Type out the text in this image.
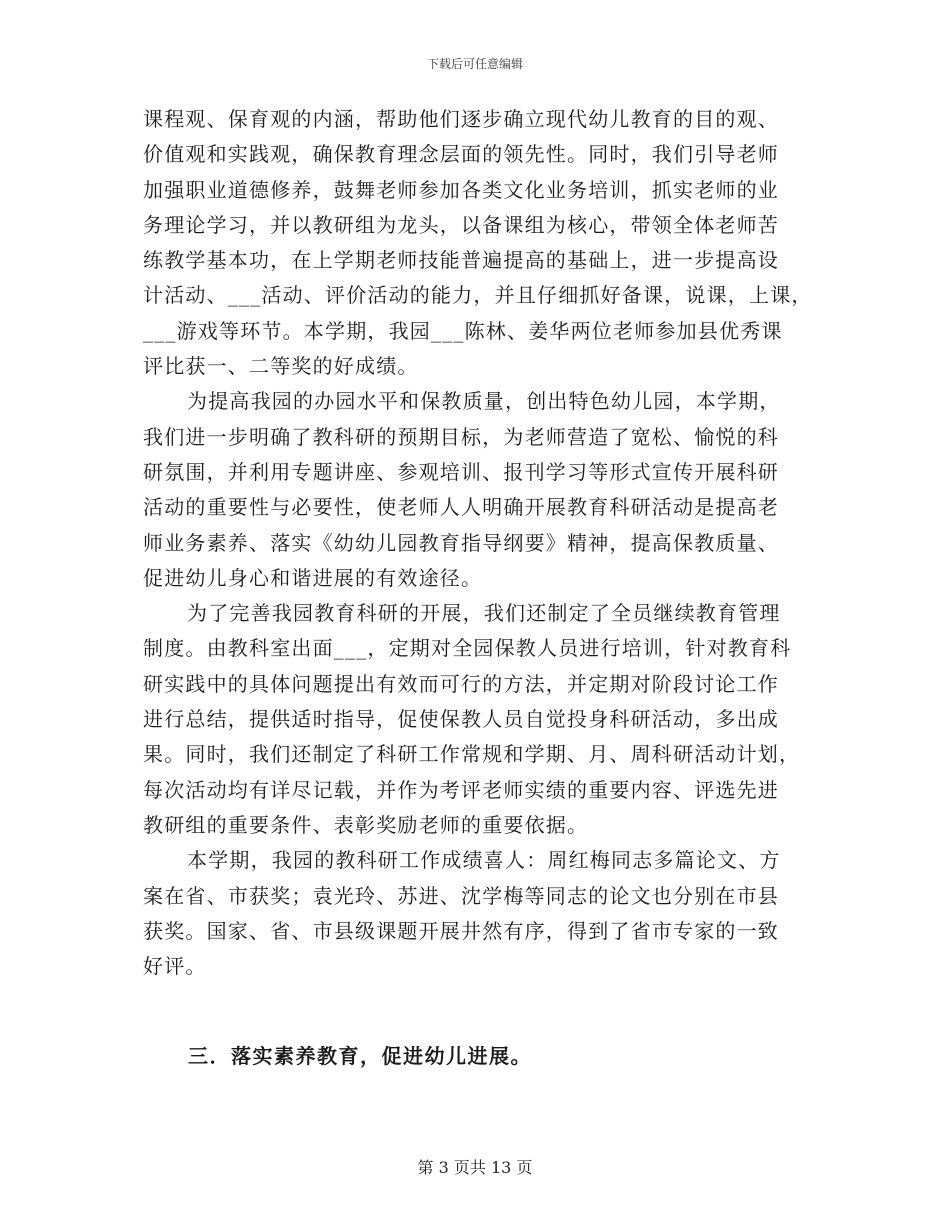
下载后可任意编辑
课程观、保育观的内涵，帮助他们逐步确立现代幼儿教育的目的观、
价值观和实践观，确保教育理念层面的领先性。同时，我们引导老师
加强职业道德修养，鼓舞老师参加各类文化业务培训，抓实老师的业
务理论学习，并以教研组为龙头，以备课组为核心，带领全体老师苦
练教学基本功，在上学期老师技能普遍提高的基础上，进一步提高设
计活动、___活动、评价活动的能力，并且仔细抓好备课，说课，上课，
___游戏等环节。本学期，我园___陈林、姜华两位老师参加县优秀课
评比获一、二等奖的好成绩。
为提高我园的办园水平和保教质量，创出特色幼儿园，本学期，
我们进一步明确了教科研的预期目标，为老师营造了宽松、愉悦的科
研氛围，并利用专题讲座、参观培训、报刊学习等形式宣传开展科研
活动的重要性与必要性，使老师人人明确开展教育科研活动是提高老
师业务素养、落实《幼幼儿园教育指导纲要》精神，提高保教质量、
促进幼儿身心和谐进展的有效途径。
为了完善我园教育科研的开展，我们还制定了全员继续教育管理
制度。由教科室出面___，定期对全园保教人员进行培训，针对教育科
研实践中的具体问题提出有效而可行的方法，并定期对阶段讨论工作
进行总结，提供适时指导，促使保教人员自觉投身科研活动，多出成
果。同时，我们还制定了科研工作常规和学期、月、周科研活动计划，
每次活动均有详尽记载，并作为考评老师实绩的重要内容、评选先进
教研组的重要条件、表彰奖励老师的重要依据。
本学期，我园的教科研工作成绩喜人：周红梅同志多篇论文、方
案在省、市获奖；袁光玲、苏进、沈学梅等同志的论文也分别在市县
获奖。国家、省、市县级课题开展井然有序，得到了省市专家的一致
好评。
三．落实素养教育，促进幼儿进展。
第 3 页共 13 页
